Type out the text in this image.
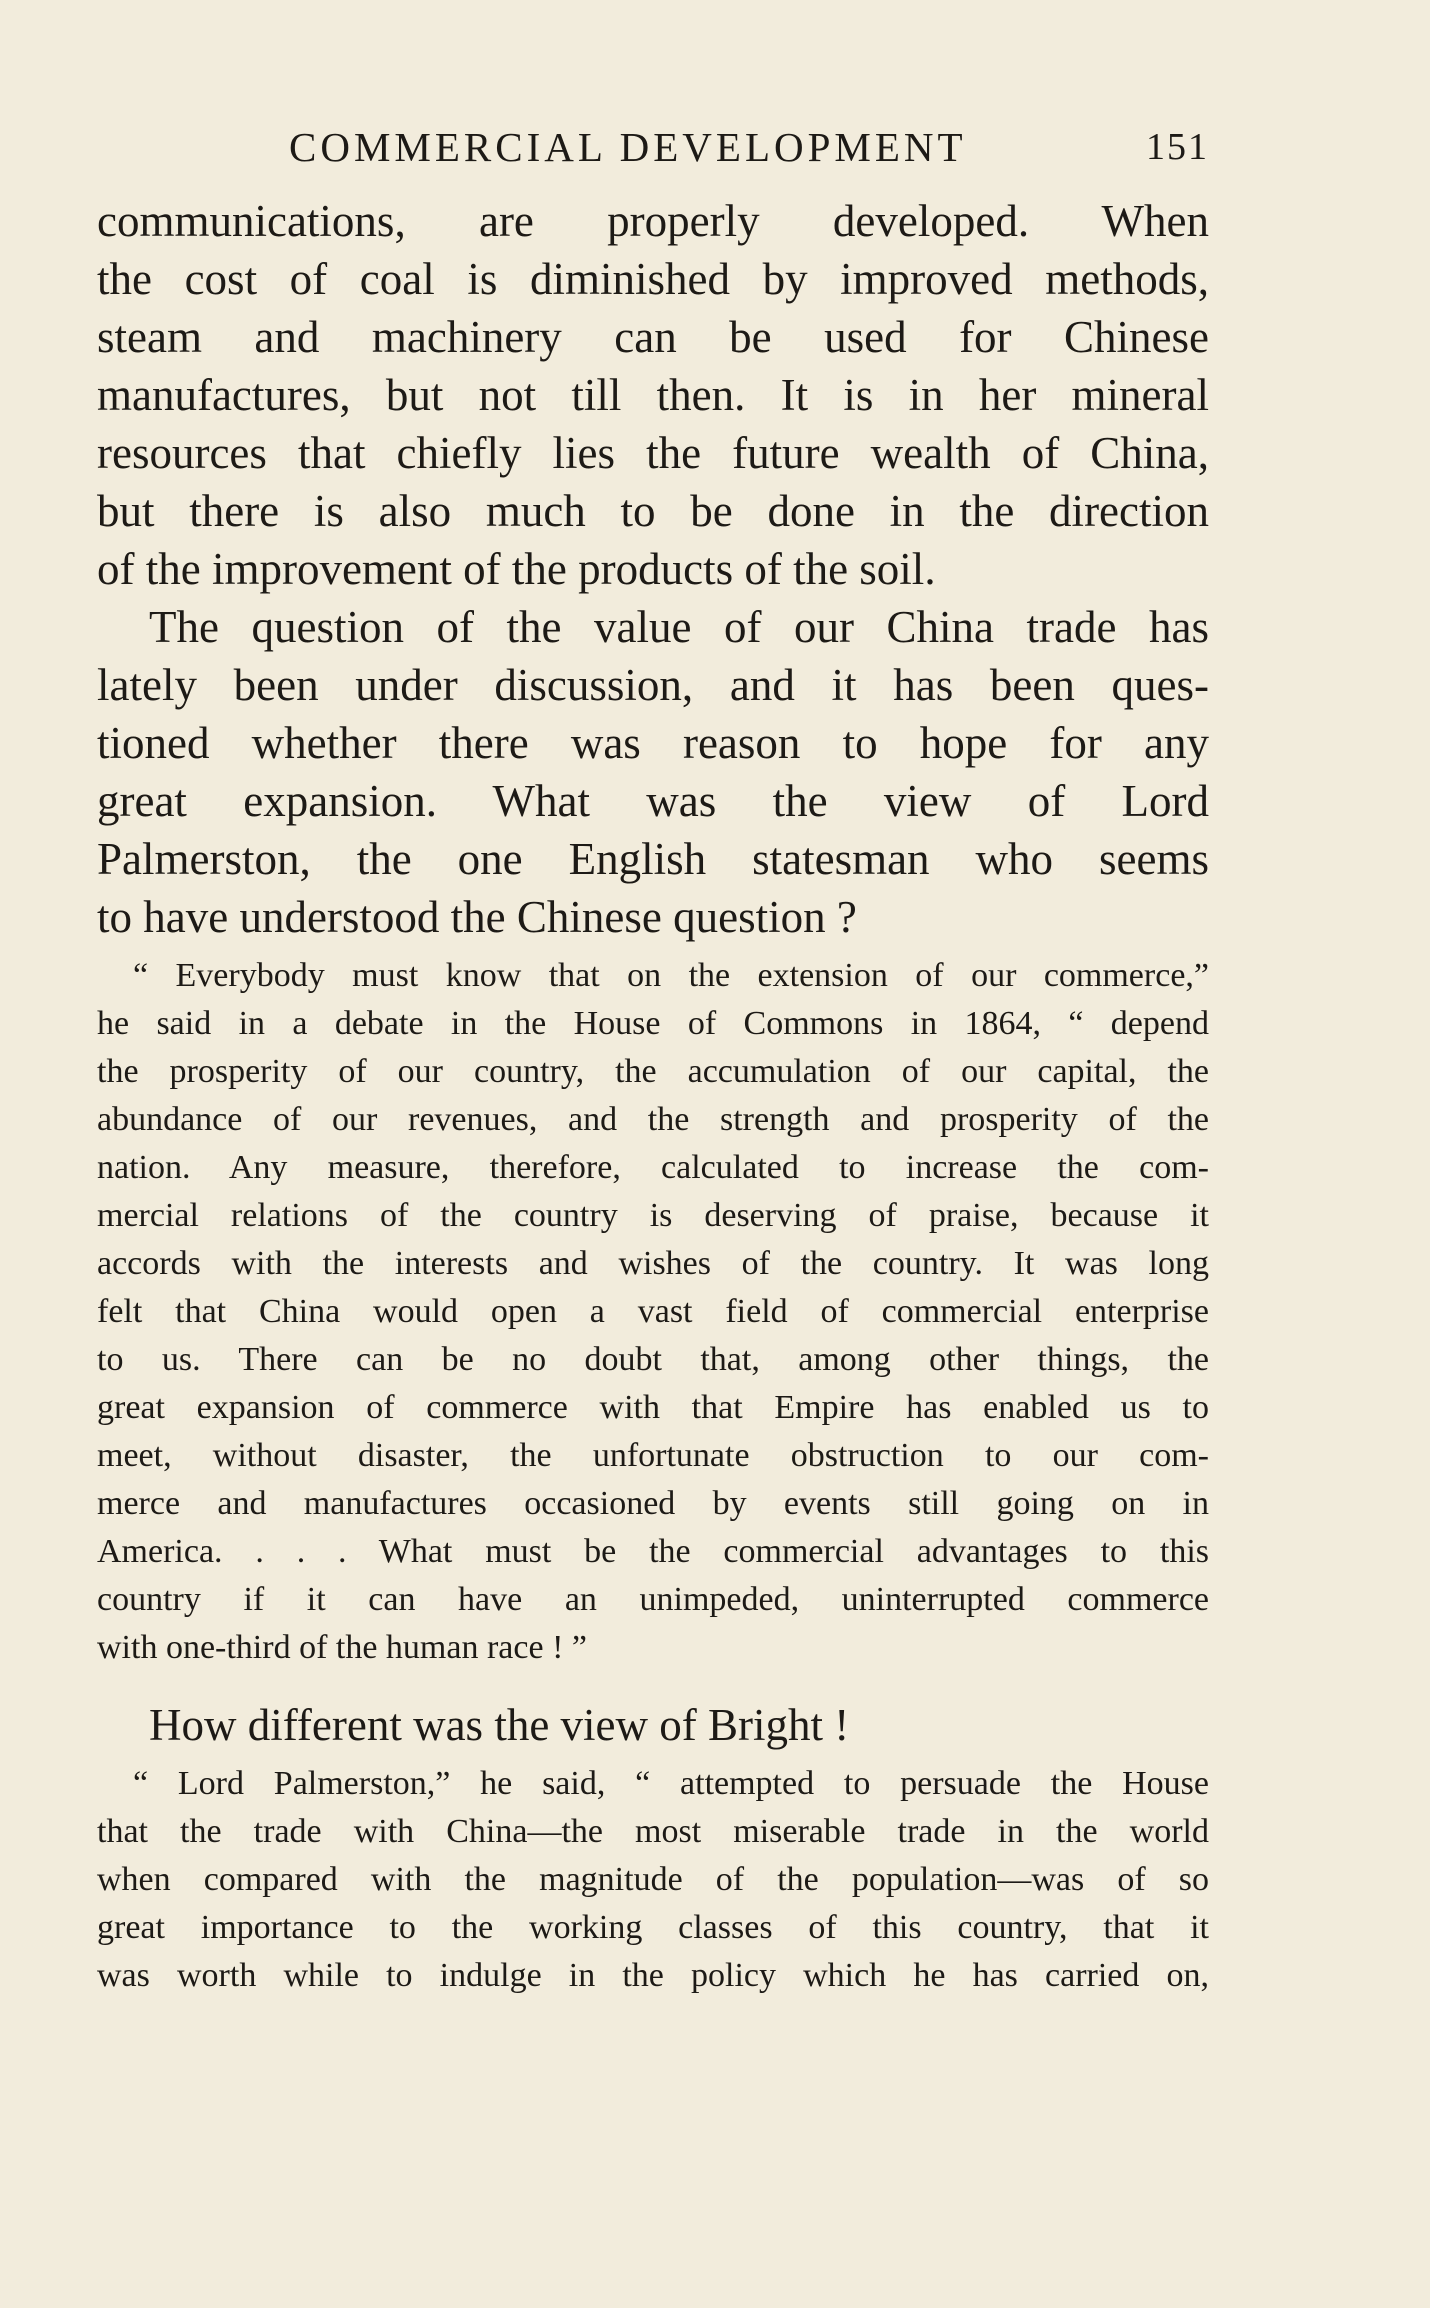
COMMERCIAL DEVELOPMENT	151
communications, are properly developed. When
the cost of coal is diminished by improved methods,
steam and machinery can be used for Chinese
manufactures, but not till then. It is in her mineral
resources that chiefly lies the future wealth of China,
but there is also much to be done in the direction
of the improvement of the products of the soil.
The question of the value of our China trade has
lately been under discussion, and it has been ques-
tioned whether there was reason to hope for any
great expansion. What was the view of Lord
Palmerston, the one English statesman who seems
to have understood the Chinese question ?
“ Everybody must know that on the extension of our commerce,”
he said in a debate in the House of Commons in 1864, “ depend
the prosperity of our country, the accumulation of our capital, the
abundance of our revenues, and the strength and prosperity of the
nation. Any measure, therefore, calculated to increase the com-
mercial relations of the country is deserving of praise, because it
accords with the interests and wishes of the country. It was long
felt that China would open a vast field of commercial enterprise
to us. There can be no doubt that, among other things, the
great expansion of commerce with that Empire has enabled us to
meet, without disaster, the unfortunate obstruction to our com-
merce and manufactures occasioned by events still going on in
America. . . . What must be the commercial advantages to this
country if it can have an unimpeded, uninterrupted commerce
with one-third of the human race ! ”
How different was the view of Bright !
“ Lord Palmerston,” he said, “ attempted to persuade the House
that the trade with China—the most miserable trade in the world
when compared with the magnitude of the population—was of so
great importance to the working classes of this country, that it
was worth while to indulge in the policy which he has carried on,
